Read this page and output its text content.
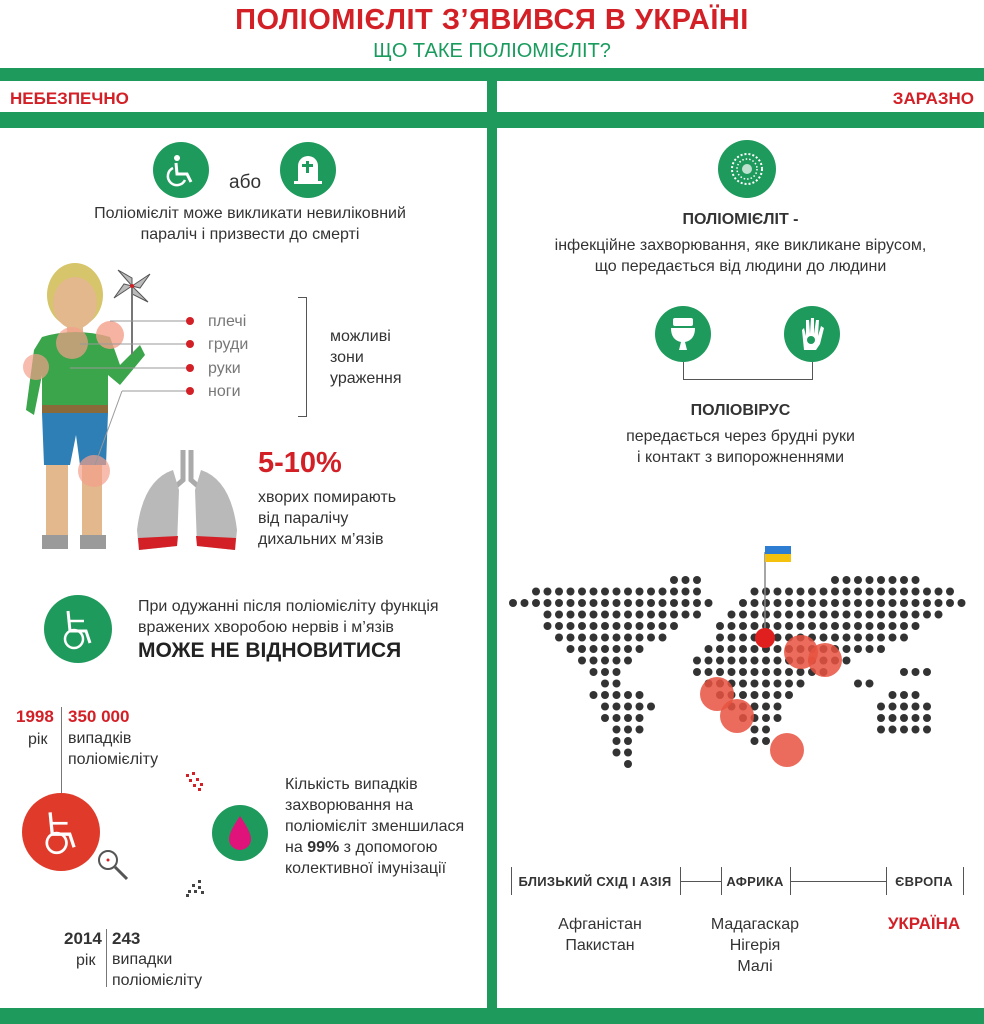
ПОЛІОМІЄЛІТ З’ЯВИВСЯ В УКРАЇНІ
ЩО ТАКЕ ПОЛІОМІЄЛІТ?
НЕБЕЗПЕЧНО	ЗАРАЗНО
або
Поліомієліт може викликати невиліковний
параліч і призвести до смерті
плечі
груди
руки
ноги
можливі
зони
ураження
5-10%
хворих помирають
від паралічу
дихальних м’язів
При одужанні після поліомієліту функція
вражених хворобою нервів і м’язів
МОЖЕ НЕ ВІДНОВИТИСЯ
1998
рік
350 000
випадків
поліомієліту
2014
рік
243
випадки
поліомієліту
Кількість випадків
захворювання на
поліомієліт зменшилася
на 99% з допомогою
колективної імунізації
ПОЛІОМІЄЛІТ -
інфекційне захворювання, яке викликане вірусом,
що передається від людини до людини
ПОЛІОВІРУС
передається через брудні руки
і контакт з випорожненнями
БЛИЗЬКИЙ СХІД І АЗІЯ	АФРИКА	ЄВРОПА
Афганістан
Пакистан
Мадагаскар
Нігерія
Малі
УКРАЇНА
